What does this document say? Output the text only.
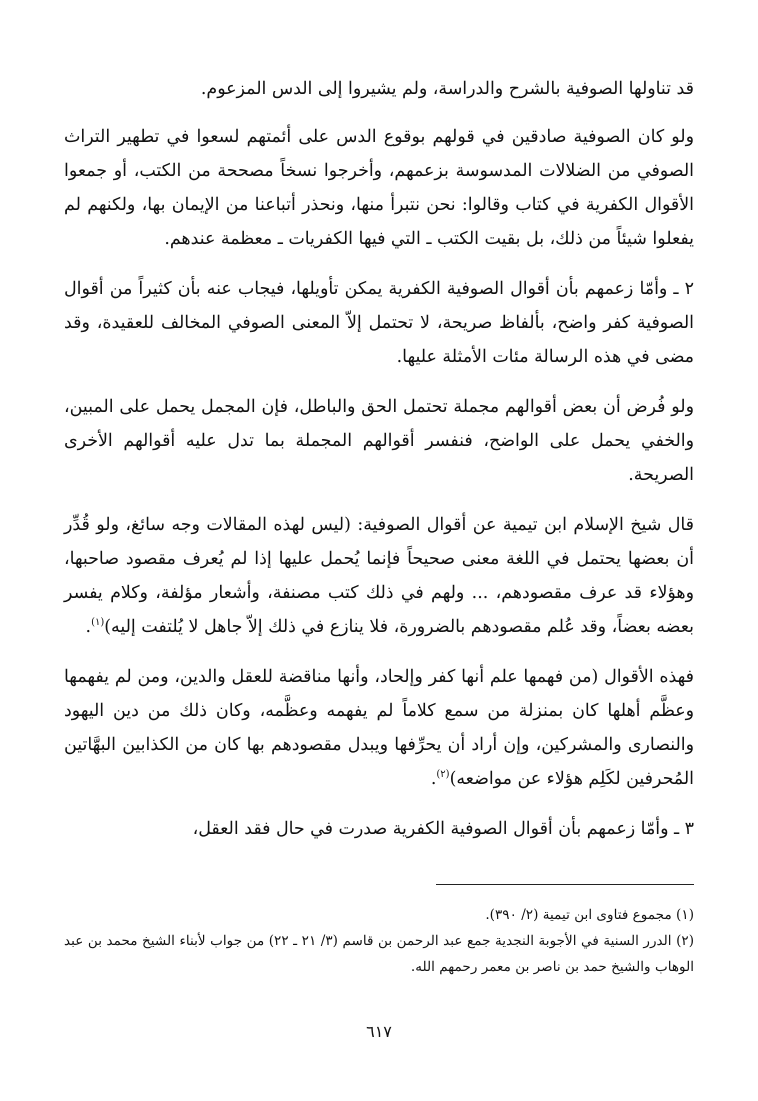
قد تناولها الصوفية بالشرح والدراسة، ولم يشيروا إلى الدس المزعوم.

ولو كان الصوفية صادقين في قولهم بوقوع الدس على أئمتهم لسعوا في تطهير التراث الصوفي من الضلالات المدسوسة بزعمهم، وأخرجوا نسخاً مصححة من الكتب، أو جمعوا الأقوال الكفرية في كتاب وقالوا: نحن نتبرأ منها، ونحذر أتباعنا من الإيمان بها، ولكنهم لم يفعلوا شيئاً من ذلك، بل بقيت الكتب ـ التي فيها الكفريات ـ معظمة عندهم.

٢ ـ وأمّا زعمهم بأن أقوال الصوفية الكفرية يمكن تأويلها، فيجاب عنه بأن كثيراً من أقوال الصوفية كفر واضح، بألفاظ صريحة، لا تحتمل إلاّ المعنى الصوفي المخالف للعقيدة، وقد مضى في هذه الرسالة مئات الأمثلة عليها.

ولو فُرض أن بعض أقوالهم مجملة تحتمل الحق والباطل، فإن المجمل يحمل على المبين، والخفي يحمل على الواضح، فنفسر أقوالهم المجملة بما تدل عليه أقوالهم الأخرى الصريحة.

قال شيخ الإسلام ابن تيمية عن أقوال الصوفية: (ليس لهذه المقالات وجه سائغ، ولو قُدِّر أن بعضها يحتمل في اللغة معنى صحيحاً فإنما يُحمل عليها إذا لم يُعرف مقصود صاحبها، وهؤلاء قد عرف مقصودهم، ... ولهم في ذلك كتب مصنفة، وأشعار مؤلفة، وكلام يفسر بعضه بعضاً، وقد عُلم مقصودهم بالضرورة، فلا ينازع في ذلك إلاّ جاهل لا يُلتفت إليه)$^{(١)}$.

فهذه الأقوال (من فهمها علم أنها كفر وإلحاد، وأنها مناقضة للعقل والدين، ومن لم يفهمها وعظَّم أهلها كان بمنزلة من سمع كلاماً لم يفهمه وعظَّمه، وكان ذلك من دين اليهود والنصارى والمشركين، وإن أراد أن يحرِّفها ويبدل مقصودهم بها كان من الكذابين البهَّاتين المُحرفين لكَلِم هؤلاء عن مواضعه)$^{(٢)}$.

٣ ـ وأمّا زعمهم بأن أقوال الصوفية الكفرية صدرت في حال فقد العقل،

(١) مجموع فتاوى ابن تيمية (٢/ ٣٩٠).

(٢) الدرر السنية في الأجوبة النجدية جمع عبد الرحمن بن قاسم (٣/ ٢١ ـ ٢٢) من جواب لأبناء الشيخ محمد بن عبد الوهاب والشيخ حمد بن ناصر بن معمر رحمهم الله.

٦١٧
